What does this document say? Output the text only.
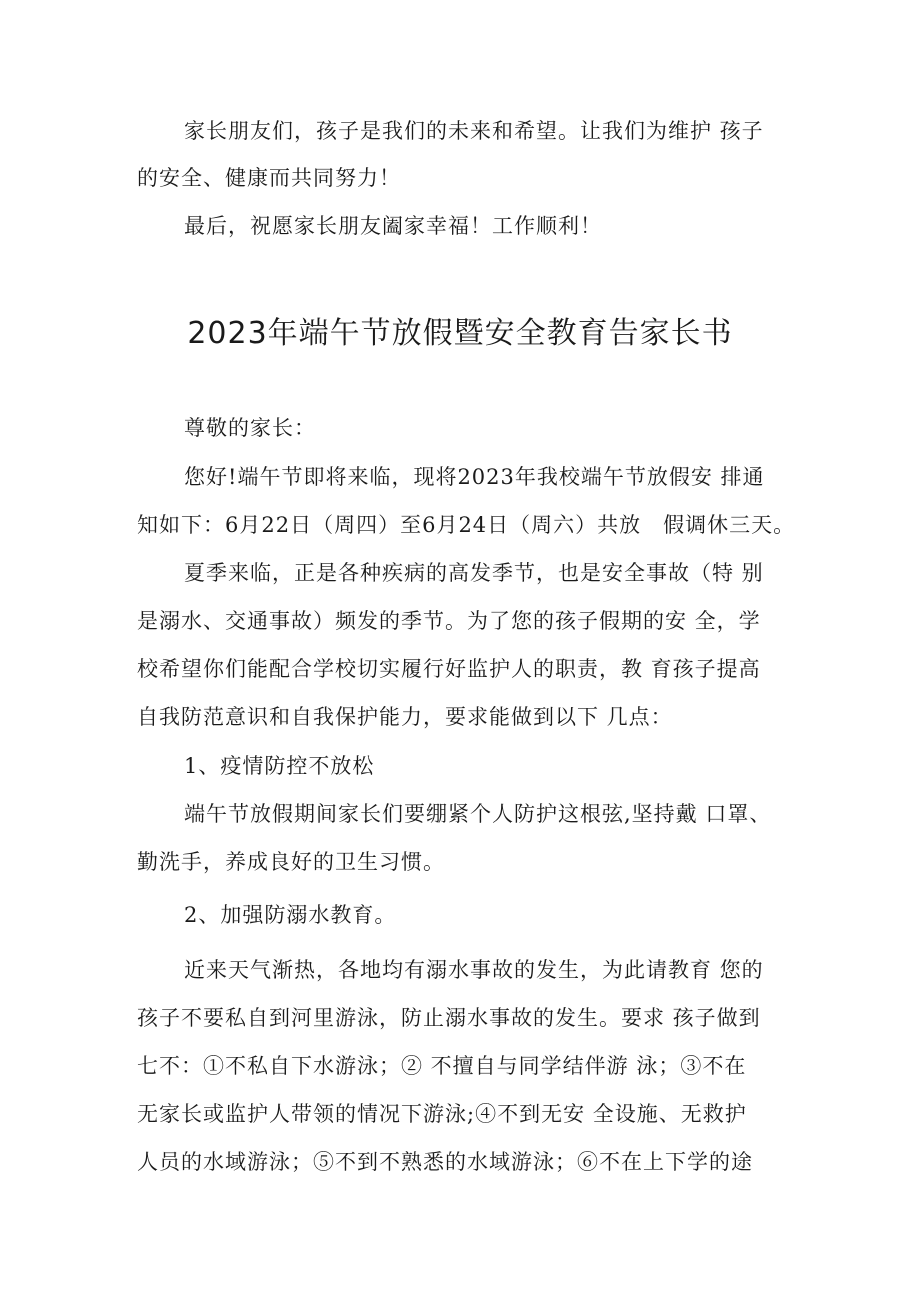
家长朋友们，孩子是我们的未来和希望。让我们为维护 孩子
的安全、健康而共同努力！
最后，祝愿家长朋友阖家幸福！工作顺利！
2023年端午节放假暨安全教育告家长书
尊敬的家长：
您好!端午节即将来临，现将2023年我校端午节放假安 排通
知如下：6月22日（周四）至6月24日（周六）共放　假调休三天。
夏季来临，正是各种疾病的高发季节，也是安全事故（特 别
是溺水、交通事故）频发的季节。为了您的孩子假期的安 全，学
校希望你们能配合学校切实履行好监护人的职责，教 育孩子提高
自我防范意识和自我保护能力，要求能做到以下 几点：
1、疫情防控不放松
端午节放假期间家长们要绷紧个人防护这根弦,坚持戴 口罩、
勤洗手，养成良好的卫生习惯。
2、加强防溺水教育。
近来天气渐热，各地均有溺水事故的发生，为此请教育 您的
孩子不要私自到河里游泳，防止溺水事故的发生。要求 孩子做到
七不：①不私自下水游泳；② 不擅自与同学结伴游 泳；③不在
无家长或监护人带领的情况下游泳;④不到无安 全设施、无救护
人员的水域游泳；⑤不到不熟悉的水域游泳；⑥不在上下学的途
